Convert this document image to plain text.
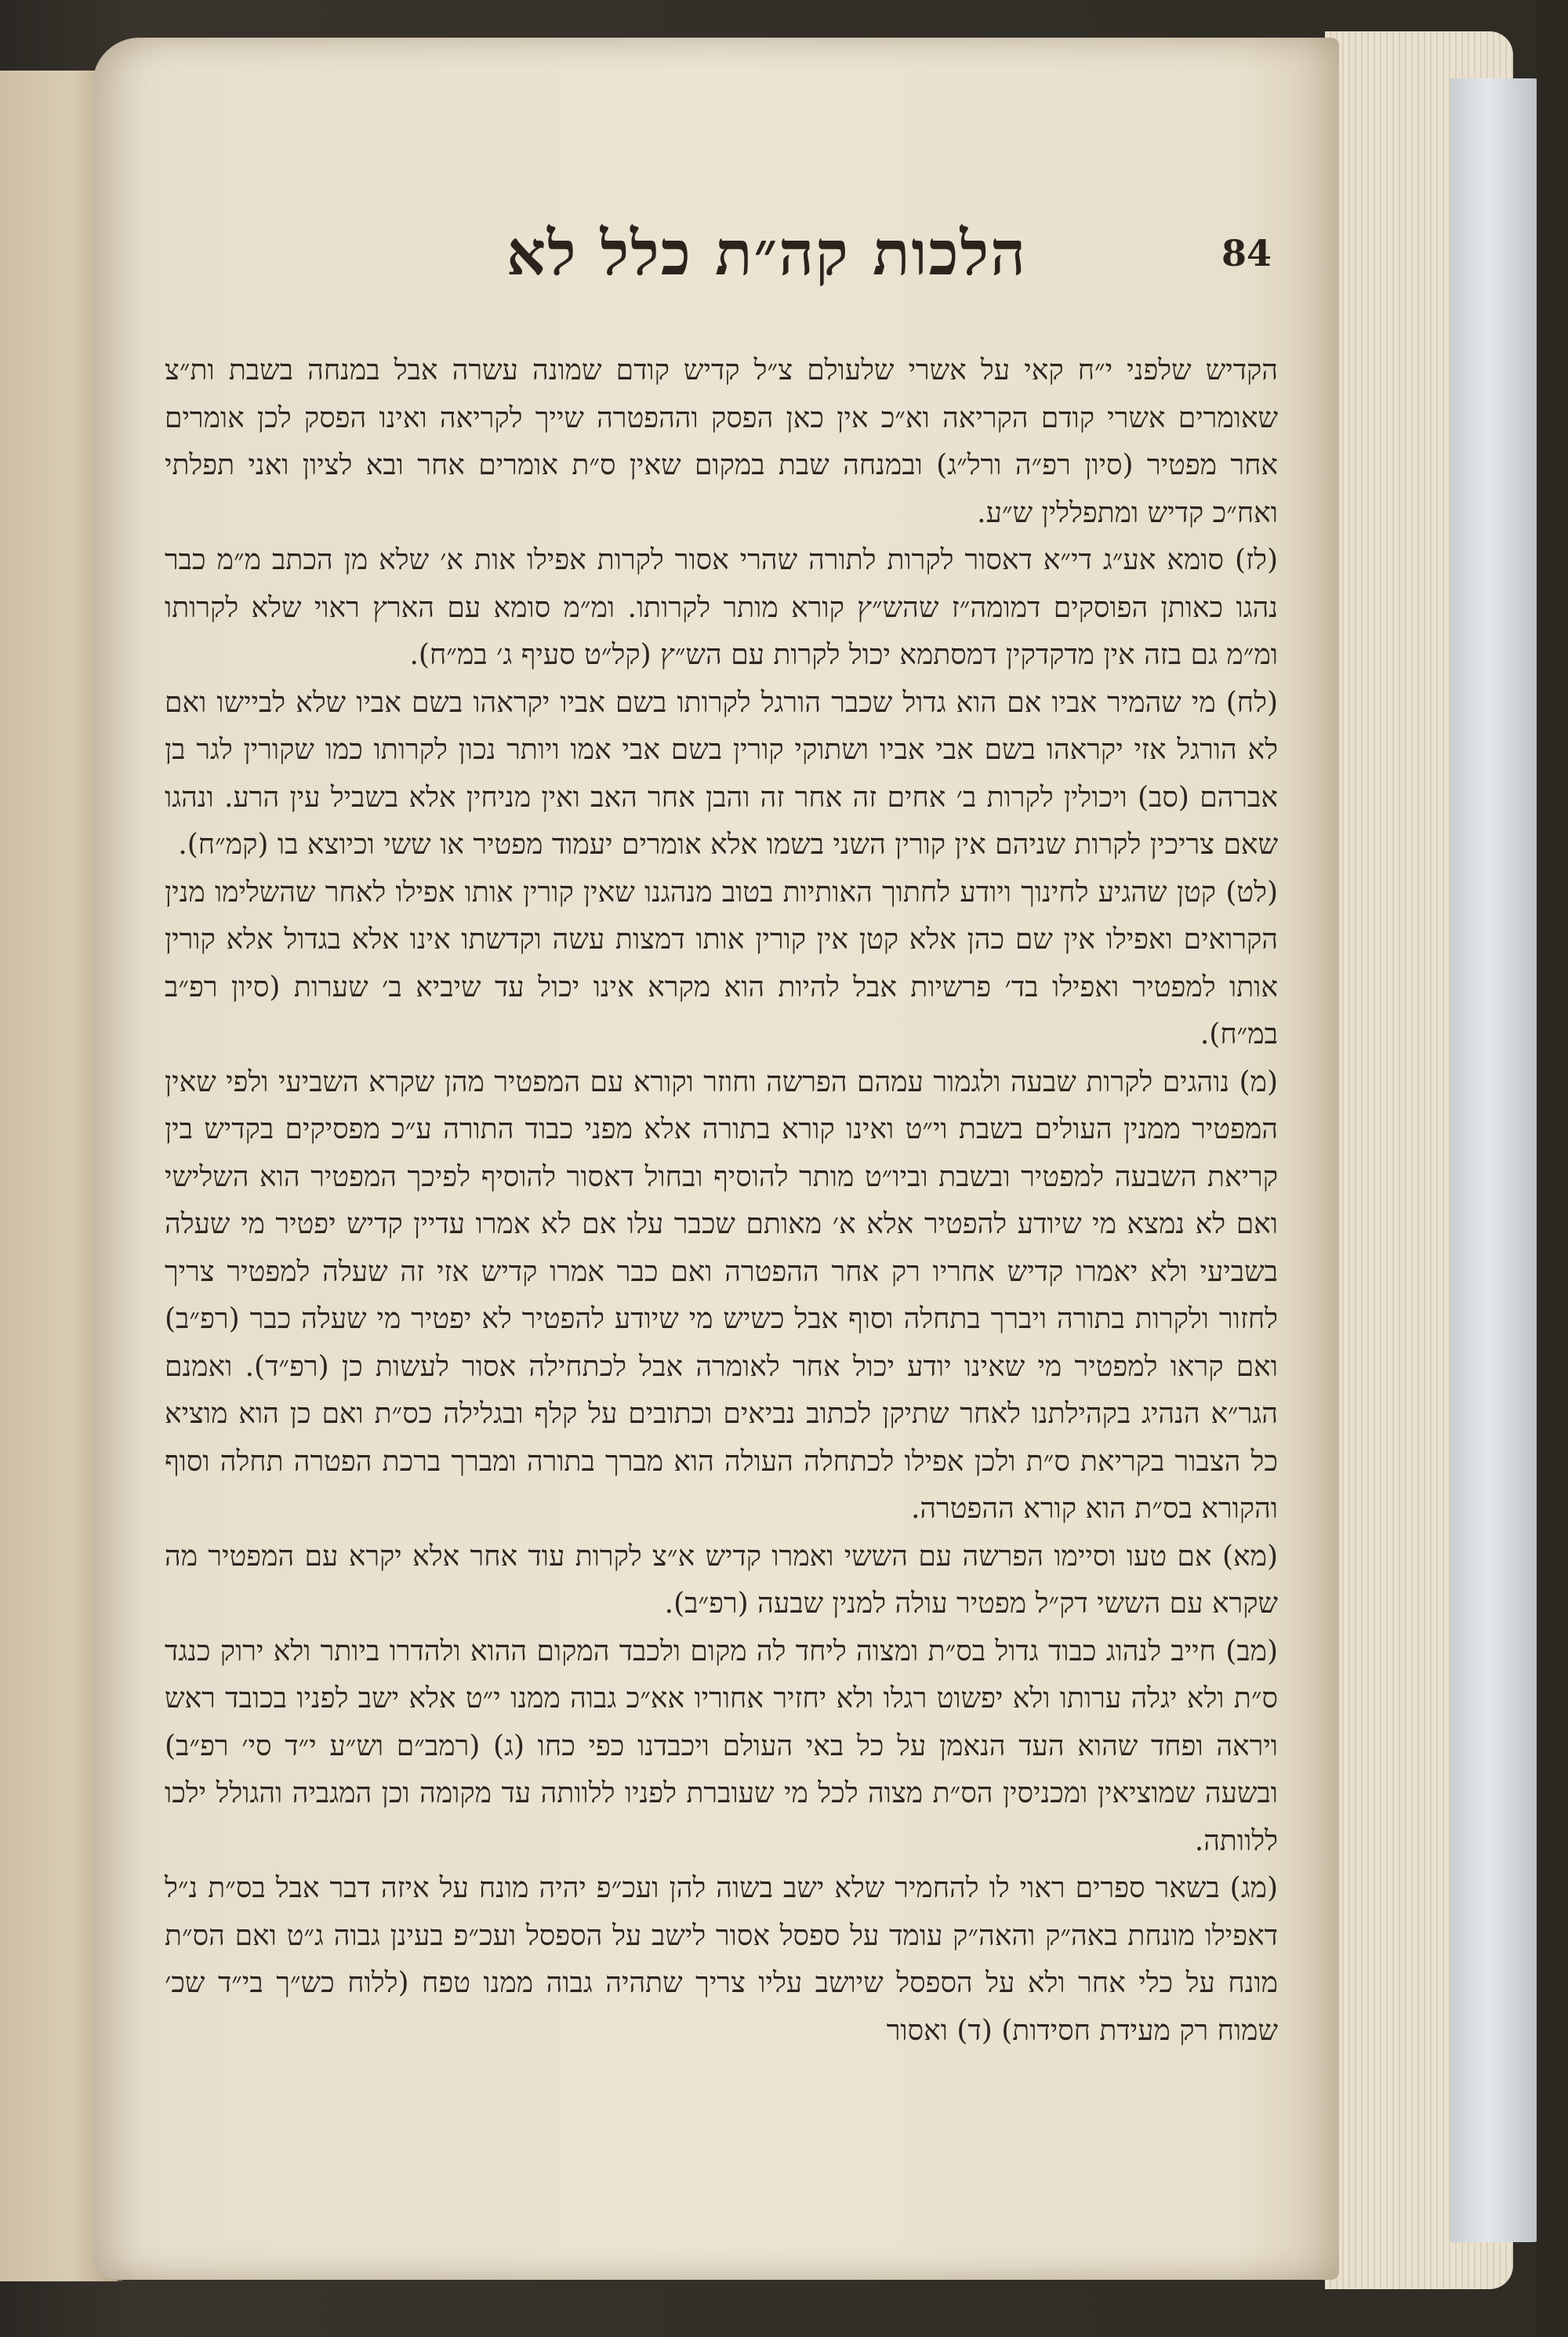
הלכות קה״ת כלל לא	84

הקדיש שלפני י״ח קאי על אשרי שלעולם צ״ל קדיש קודם שמונה עשרה אבל במנחה בשבת ות״צ שאומרים אשרי קודם הקריאה וא״כ אין כאן הפסק וההפטרה שייך לקריאה ואינו הפסק לכן אומרים אחר מפטיר (סיון רפ״ה ורל״ג) ובמנחה שבת במקום שאין ס״ת אומרים אחר ובא לציון ואני תפלתי ואח״כ קדיש ומתפללין ש״ע.

(לז) סומא אע״ג די״א דאסור לקרות לתורה שהרי אסור לקרות אפילו אות א׳ שלא מן הכתב מ״מ כבר נהגו כאותן הפוסקים דמומה״ז שהש״ץ קורא מותר לקרותו. ומ״מ סומא עם הארץ ראוי שלא לקרותו ומ״מ גם בזה אין מדקדקין דמסתמא יכול לקרות עם הש״ץ (קל״ט סעיף ג׳ במ״ח).

(לח) מי שהמיר אביו אם הוא גדול שכבר הורגל לקרותו בשם אביו יקראהו בשם אביו שלא לביישו ואם לא הורגל אזי יקראהו בשם אבי אביו ושתוקי קורין בשם אבי אמו ויותר נכון לקרותו כמו שקורין לגר בן אברהם (סב) ויכולין לקרות ב׳ אחים זה אחר זה והבן אחר האב ואין מניחין אלא בשביל עין הרע. ונהגו שאם צריכין לקרות שניהם אין קורין השני בשמו אלא אומרים יעמוד מפטיר או ששי וכיוצא בו (קמ״ח).

(לט) קטן שהגיע לחינוך ויודע לחתוך האותיות בטוב מנהגנו שאין קורין אותו אפילו לאחר שהשלימו מנין הקרואים ואפילו אין שם כהן אלא קטן אין קורין אותו דמצות עשה וקדשתו אינו אלא בגדול אלא קורין אותו למפטיר ואפילו בד׳ פרשיות אבל להיות הוא מקרא אינו יכול עד שיביא ב׳ שערות (סיון רפ״ב במ״ח).

(מ) נוהגים לקרות שבעה ולגמור עמהם הפרשה וחוזר וקורא עם המפטיר מהן שקרא השביעי ולפי שאין המפטיר ממנין העולים בשבת וי״ט ואינו קורא בתורה אלא מפני כבוד התורה ע״כ מפסיקים בקדיש בין קריאת השבעה למפטיר ובשבת וביו״ט מותר להוסיף ובחול דאסור להוסיף לפיכך המפטיר הוא השלישי ואם לא נמצא מי שיודע להפטיר אלא א׳ מאותם שכבר עלו אם לא אמרו עדיין קדיש יפטיר מי שעלה בשביעי ולא יאמרו קדיש אחריו רק אחר ההפטרה ואם כבר אמרו קדיש אזי זה שעלה למפטיר צריך לחזור ולקרות בתורה ויברך בתחלה וסוף אבל כשיש מי שיודע להפטיר לא יפטיר מי שעלה כבר (רפ״ב) ואם קראו למפטיר מי שאינו יודע יכול אחר לאומרה אבל לכתחילה אסור לעשות כן (רפ״ד). ואמנם הגר״א הנהיג בקהילתנו לאחר שתיקן לכתוב נביאים וכתובים על קלף ובגלילה כס״ת ואם כן הוא מוציא כל הצבור בקריאת ס״ת ולכן אפילו לכתחלה העולה הוא מברך בתורה ומברך ברכת הפטרה תחלה וסוף והקורא בס״ת הוא קורא ההפטרה.

(מא) אם טעו וסיימו הפרשה עם הששי ואמרו קדיש א״צ לקרות עוד אחר אלא יקרא עם המפטיר מה שקרא עם הששי דק״ל מפטיר עולה למנין שבעה (רפ״ב).

(מב) חייב לנהוג כבוד גדול בס״ת ומצוה ליחד לה מקום ולכבד המקום ההוא ולהדרו ביותר ולא ירוק כנגד ס״ת ולא יגלה ערותו ולא יפשוט רגלו ולא יחזיר אחוריו אא״כ גבוה ממנו י״ט אלא ישב לפניו בכובד ראש ויראה ופחד שהוא העד הנאמן על כל באי העולם ויכבדנו כפי כחו (ג) (רמב״ם וש״ע י״ד סי׳ רפ״ב) ובשעה שמוציאין ומכניסין הס״ת מצוה לכל מי שעוברת לפניו ללוותה עד מקומה וכן המגביה והגולל ילכו ללוותה.

(מג) בשאר ספרים ראוי לו להחמיר שלא ישב בשוה להן ועכ״פ יהיה מונח על איזה דבר אבל בס״ת נ״ל דאפילו מונחת באה״ק והאה״ק עומד על ספסל אסור לישב על הספסל ועכ״פ בעינן גבוה ג״ט ואם הס״ת מונח על כלי אחר ולא על הספסל שיושב עליו צריך שתהיה גבוה ממנו טפח (ללוח כש״ך בי״ד שכ׳ שמוח רק מעידת חסידות) (ד) ואסור
